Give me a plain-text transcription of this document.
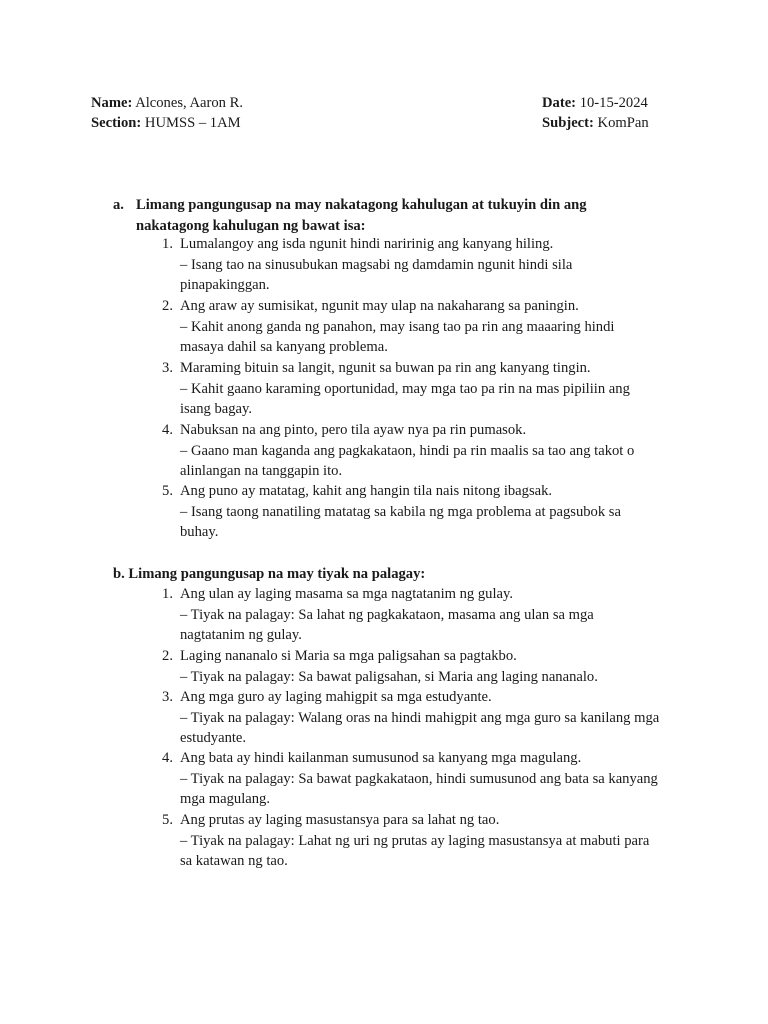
Name: Alcones, Aaron R.
Section: HUMSS – 1AM
Date: 10-15-2024
Subject: KomPan
a. Limang pangungusap na may nakatagong kahulugan at tukuyin din ang
nakatagong kahulugan ng bawat isa:
1. Lumalangoy ang isda ngunit hindi naririnig ang kanyang hiling.
– Isang tao na sinusubukan magsabi ng damdamin ngunit hindi sila
pinapakinggan.
2. Ang araw ay sumisikat, ngunit may ulap na nakaharang sa paningin.
– Kahit anong ganda ng panahon, may isang tao pa rin ang maaaring hindi
masaya dahil sa kanyang problema.
3. Maraming bituin sa langit, ngunit sa buwan pa rin ang kanyang tingin.
– Kahit gaano karaming oportunidad, may mga tao pa rin na mas pipiliin ang
isang bagay.
4. Nabuksan na ang pinto, pero tila ayaw nya pa rin pumasok.
– Gaano man kaganda ang pagkakataon, hindi pa rin maalis sa tao ang takot o
alinlangan na tanggapin ito.
5. Ang puno ay matatag, kahit ang hangin tila nais nitong ibagsak.
– Isang taong nanatiling matatag sa kabila ng mga problema at pagsubok sa
buhay.
b. Limang pangungusap na may tiyak na palagay:
1. Ang ulan ay laging masama sa mga nagtatanim ng gulay.
– Tiyak na palagay: Sa lahat ng pagkakataon, masama ang ulan sa mga
nagtatanim ng gulay.
2. Laging nananalo si Maria sa mga paligsahan sa pagtakbo.
– Tiyak na palagay: Sa bawat paligsahan, si Maria ang laging nananalo.
3. Ang mga guro ay laging mahigpit sa mga estudyante.
– Tiyak na palagay: Walang oras na hindi mahigpit ang mga guro sa kanilang mga
estudyante.
4. Ang bata ay hindi kailanman sumusunod sa kanyang mga magulang.
– Tiyak na palagay: Sa bawat pagkakataon, hindi sumusunod ang bata sa kanyang
mga magulang.
5. Ang prutas ay laging masustansya para sa lahat ng tao.
– Tiyak na palagay: Lahat ng uri ng prutas ay laging masustansya at mabuti para
sa katawan ng tao.
